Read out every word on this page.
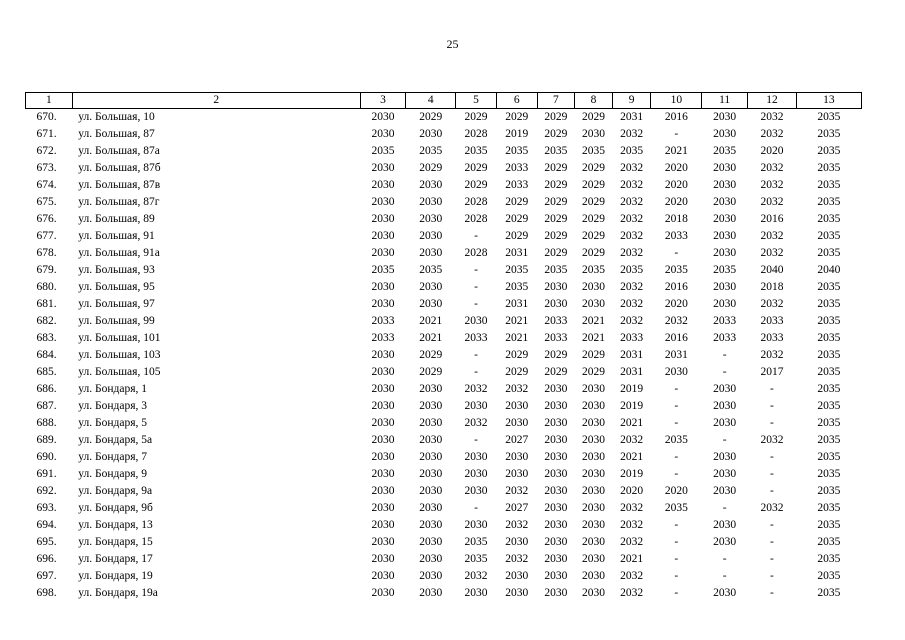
25
1	2	3	4	5	6	7	8	9	10	11	12	13
670.	ул. Большая, 10	2030	2029	2029	2029	2029	2029	2031	2016	2030	2032	2035
671.	ул. Большая, 87	2030	2030	2028	2019	2029	2030	2032	-	2030	2032	2035
672.	ул. Большая, 87а	2035	2035	2035	2035	2035	2035	2035	2021	2035	2020	2035
673.	ул. Большая, 87б	2030	2029	2029	2033	2029	2029	2032	2020	2030	2032	2035
674.	ул. Большая, 87в	2030	2030	2029	2033	2029	2029	2032	2020	2030	2032	2035
675.	ул. Большая, 87г	2030	2030	2028	2029	2029	2029	2032	2020	2030	2032	2035
676.	ул. Большая, 89	2030	2030	2028	2029	2029	2029	2032	2018	2030	2016	2035
677.	ул. Большая, 91	2030	2030	-	2029	2029	2029	2032	2033	2030	2032	2035
678.	ул. Большая, 91а	2030	2030	2028	2031	2029	2029	2032	-	2030	2032	2035
679.	ул. Большая, 93	2035	2035	-	2035	2035	2035	2035	2035	2035	2040	2040
680.	ул. Большая, 95	2030	2030	-	2035	2030	2030	2032	2016	2030	2018	2035
681.	ул. Большая, 97	2030	2030	-	2031	2030	2030	2032	2020	2030	2032	2035
682.	ул. Большая, 99	2033	2021	2030	2021	2033	2021	2032	2032	2033	2033	2035
683.	ул. Большая, 101	2033	2021	2033	2021	2033	2021	2033	2016	2033	2033	2035
684.	ул. Большая, 103	2030	2029	-	2029	2029	2029	2031	2031	-	2032	2035
685.	ул. Большая, 105	2030	2029	-	2029	2029	2029	2031	2030	-	2017	2035
686.	ул. Бондаря, 1	2030	2030	2032	2032	2030	2030	2019	-	2030	-	2035
687.	ул. Бондаря, 3	2030	2030	2030	2030	2030	2030	2019	-	2030	-	2035
688.	ул. Бондаря, 5	2030	2030	2032	2030	2030	2030	2021	-	2030	-	2035
689.	ул. Бондаря, 5а	2030	2030	-	2027	2030	2030	2032	2035	-	2032	2035
690.	ул. Бондаря, 7	2030	2030	2030	2030	2030	2030	2021	-	2030	-	2035
691.	ул. Бондаря, 9	2030	2030	2030	2030	2030	2030	2019	-	2030	-	2035
692.	ул. Бондаря, 9а	2030	2030	2030	2032	2030	2030	2020	2020	2030	-	2035
693.	ул. Бондаря, 9б	2030	2030	-	2027	2030	2030	2032	2035	-	2032	2035
694.	ул. Бондаря, 13	2030	2030	2030	2032	2030	2030	2032	-	2030	-	2035
695.	ул. Бондаря, 15	2030	2030	2035	2030	2030	2030	2032	-	2030	-	2035
696.	ул. Бондаря, 17	2030	2030	2035	2032	2030	2030	2021	-	-	-	2035
697.	ул. Бондаря, 19	2030	2030	2032	2030	2030	2030	2032	-	-	-	2035
698.	ул. Бондаря, 19а	2030	2030	2030	2030	2030	2030	2032	-	2030	-	2035
